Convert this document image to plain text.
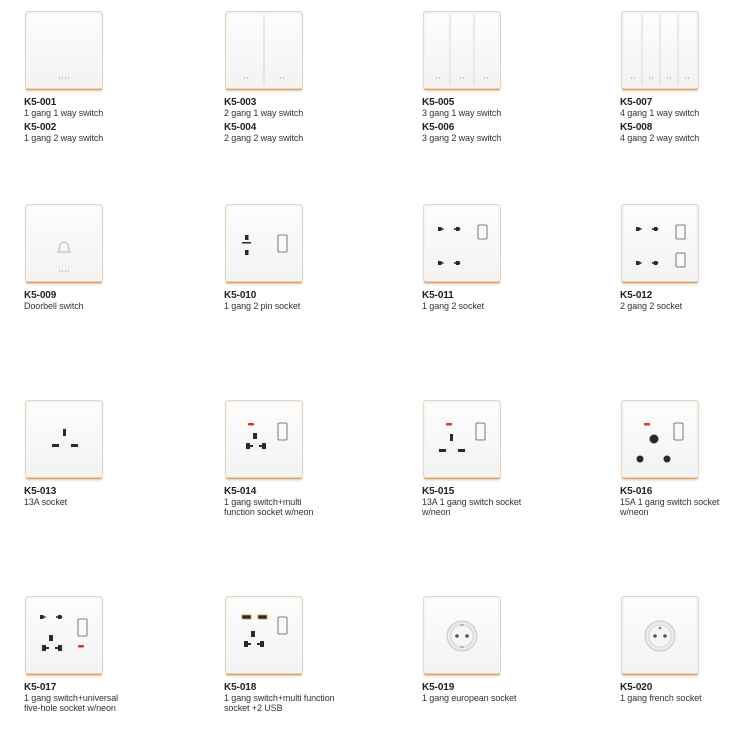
K5-001
1 gang 1 way switch
K5-002
1 gang 2 way switch
K5-003
2 gang 1 way switch
K5-004
2 gang 2 way switch
K5-005
3 gang 1 way switch
K5-006
3 gang 2 way switch
K5-007
4 gang 1 way switch
K5-008
4 gang 2 way switch
K5-009
Doorbell switch
K5-010
1 gang 2 pin socket
K5-011
1 gang 2 socket
K5-012
2 gang 2 socket
K5-013
13A socket
K5-014
1 gang switch+multi
function socket w/neon
K5-015
13A 1 gang switch socket
w/neon
K5-016
15A 1 gang switch socket
w/neon
K5-017
1 gang switch+universal
five-hole socket w/neon
K5-018
1 gang switch+multi function
socket +2 USB
K5-019
1 gang european socket
K5-020
1 gang french socket
